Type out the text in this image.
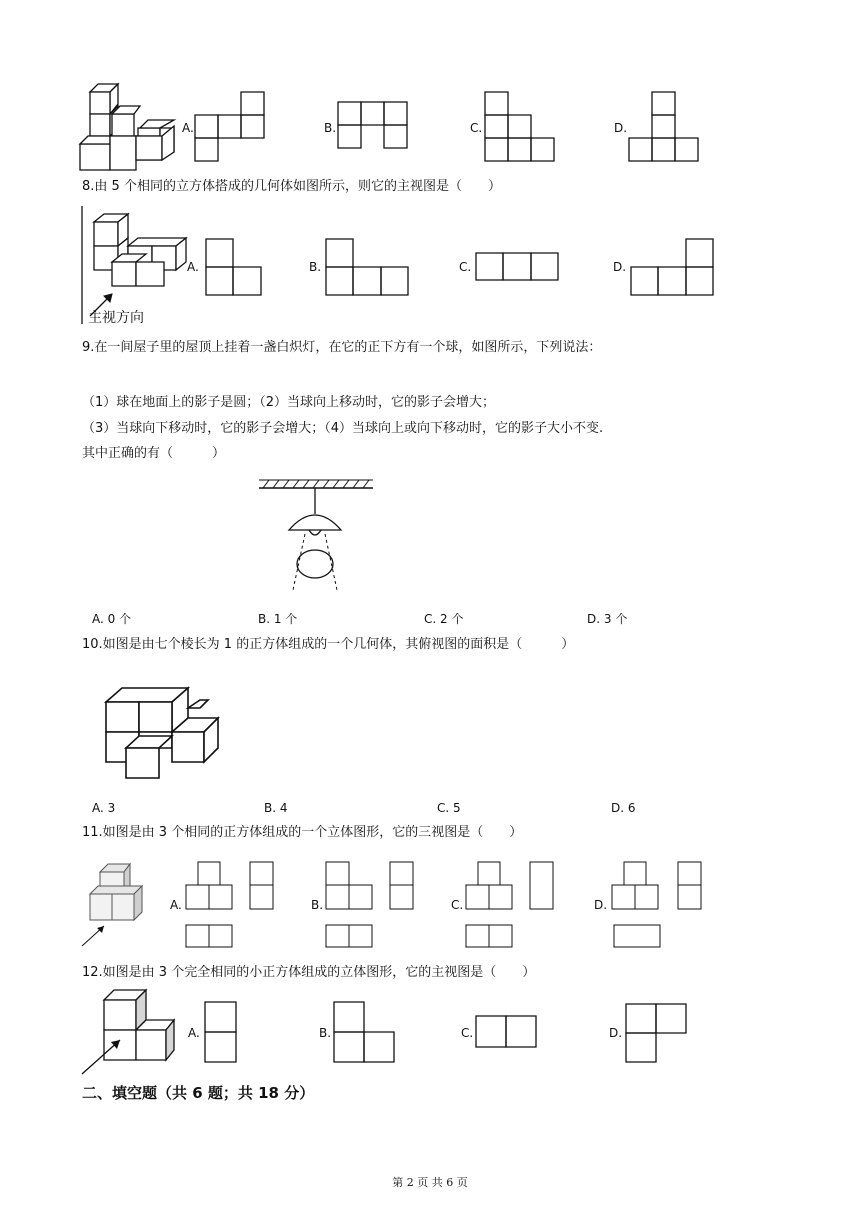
A.	B.	C.	D.
8.由 5 个相同的立方体搭成的几何体如图所示，则它的主视图是（　　）
主视方向
A.	B.	C.	D.
9.在一间屋子里的屋顶上挂着一盏白炽灯，在它的正下方有一个球，如图所示，下列说法：
（1）球在地面上的影子是圆；（2）当球向上移动时，它的影子会增大；
（3）当球向下移动时，它的影子会增大；（4）当球向上或向下移动时，它的影子大小不变.
其中正确的有（　　　）
A. 0 个	B. 1 个	C. 2 个	D. 3 个
10.如图是由七个棱长为 1 的正方体组成的一个几何体，其俯视图的面积是（　　　）
A. 3	B. 4	C. 5	D. 6
11.如图是由 3 个相同的正方体组成的一个立体图形，它的三视图是（　　）
A.	B.	C.	D.
12.如图是由 3 个完全相同的小正方体组成的立体图形，它的主视图是（　　）
A.	B.	C.	D.
二、填空题（共 6 题；共 18 分）
第 2 页 共 6 页
